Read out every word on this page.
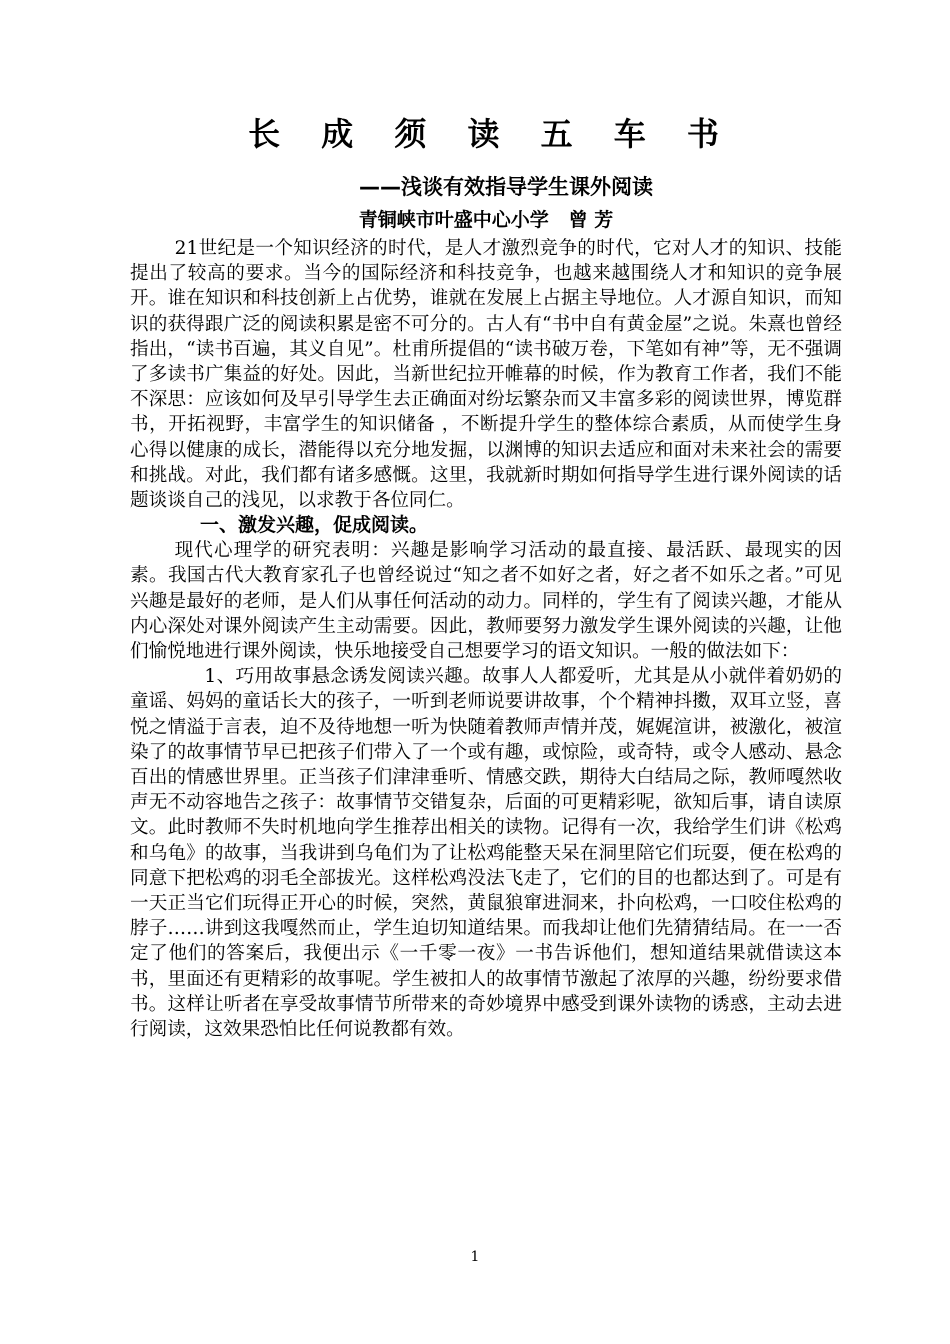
长 成 须 读 五 车 书

——浅谈有效指导学生课外阅读

青铜峡市叶盛中心小学   曾 芳

21世纪是一个知识经济的时代，是人才激烈竞争的时代，它对人才的知识、技能提出了较高的要求。当今的国际经济和科技竞争，也越来越围绕人才和知识的竞争展开。谁在知识和科技创新上占优势，谁就在发展上占据主导地位。人才源自知识，而知识的获得跟广泛的阅读积累是密不可分的。古人有“书中自有黄金屋”之说。朱熹也曾经指出，“读书百遍，其义自见”。杜甫所提倡的“读书破万卷，下笔如有神”等，无不强调了多读书广集益的好处。因此，当新世纪拉开帷幕的时候，作为教育工作者，我们不能不深思：应该如何及早引导学生去正确面对纷坛繁杂而又丰富多彩的阅读世界，博览群书，开拓视野，丰富学生的知识储备 ，不断提升学生的整体综合素质，从而使学生身心得以健康的成长，潜能得以充分地发掘，以渊博的知识去适应和面对未来社会的需要和挑战。对此，我们都有诸多感慨。这里，我就新时期如何指导学生进行课外阅读的话题谈谈自己的浅见，以求教于各位同仁。

一、激发兴趣，促成阅读。

现代心理学的研究表明：兴趣是影响学习活动的最直接、最活跃、最现实的因素。我国古代大教育家孔子也曾经说过“知之者不如好之者，好之者不如乐之者。”可见兴趣是最好的老师，是人们从事任何活动的动力。同样的，学生有了阅读兴趣，才能从内心深处对课外阅读产生主动需要。因此，教师要努力激发学生课外阅读的兴趣，让他们愉悦地进行课外阅读，快乐地接受自己想要学习的语文知识。一般的做法如下：

1、巧用故事悬念诱发阅读兴趣。故事人人都爱听，尤其是从小就伴着奶奶的童谣、妈妈的童话长大的孩子，一听到老师说要讲故事，个个精神抖擞，双耳立竖，喜悦之情溢于言表，迫不及待地想一听为快随着教师声情并茂，娓娓渲讲，被激化，被渲染了的故事情节早已把孩子们带入了一个或有趣，或惊险，或奇特，或令人感动、悬念百出的情感世界里。正当孩子们津津垂听、情感交跌，期待大白结局之际，教师嘎然收声无不动容地告之孩子：故事情节交错复杂，后面的可更精彩呢，欲知后事，请自读原文。此时教师不失时机地向学生推荐出相关的读物。记得有一次，我给学生们讲《松鸡和乌龟》的故事，当我讲到乌龟们为了让松鸡能整天呆在洞里陪它们玩耍，便在松鸡的同意下把松鸡的羽毛全部拔光。这样松鸡没法飞走了，它们的目的也都达到了。可是有一天正当它们玩得正开心的时候，突然，黄鼠狼窜进洞来，扑向松鸡，一口咬住松鸡的脖子……讲到这我嘎然而止，学生迫切知道结果。而我却让他们先猜猜结局。在一一否定了他们的答案后，我便出示《一千零一夜》一书告诉他们，想知道结果就借读这本书，里面还有更精彩的故事呢。学生被扣人的故事情节激起了浓厚的兴趣，纷纷要求借书。这样让听者在享受故事情节所带来的奇妙境界中感受到课外读物的诱惑，主动去进行阅读，这效果恐怕比任何说教都有效。

1
